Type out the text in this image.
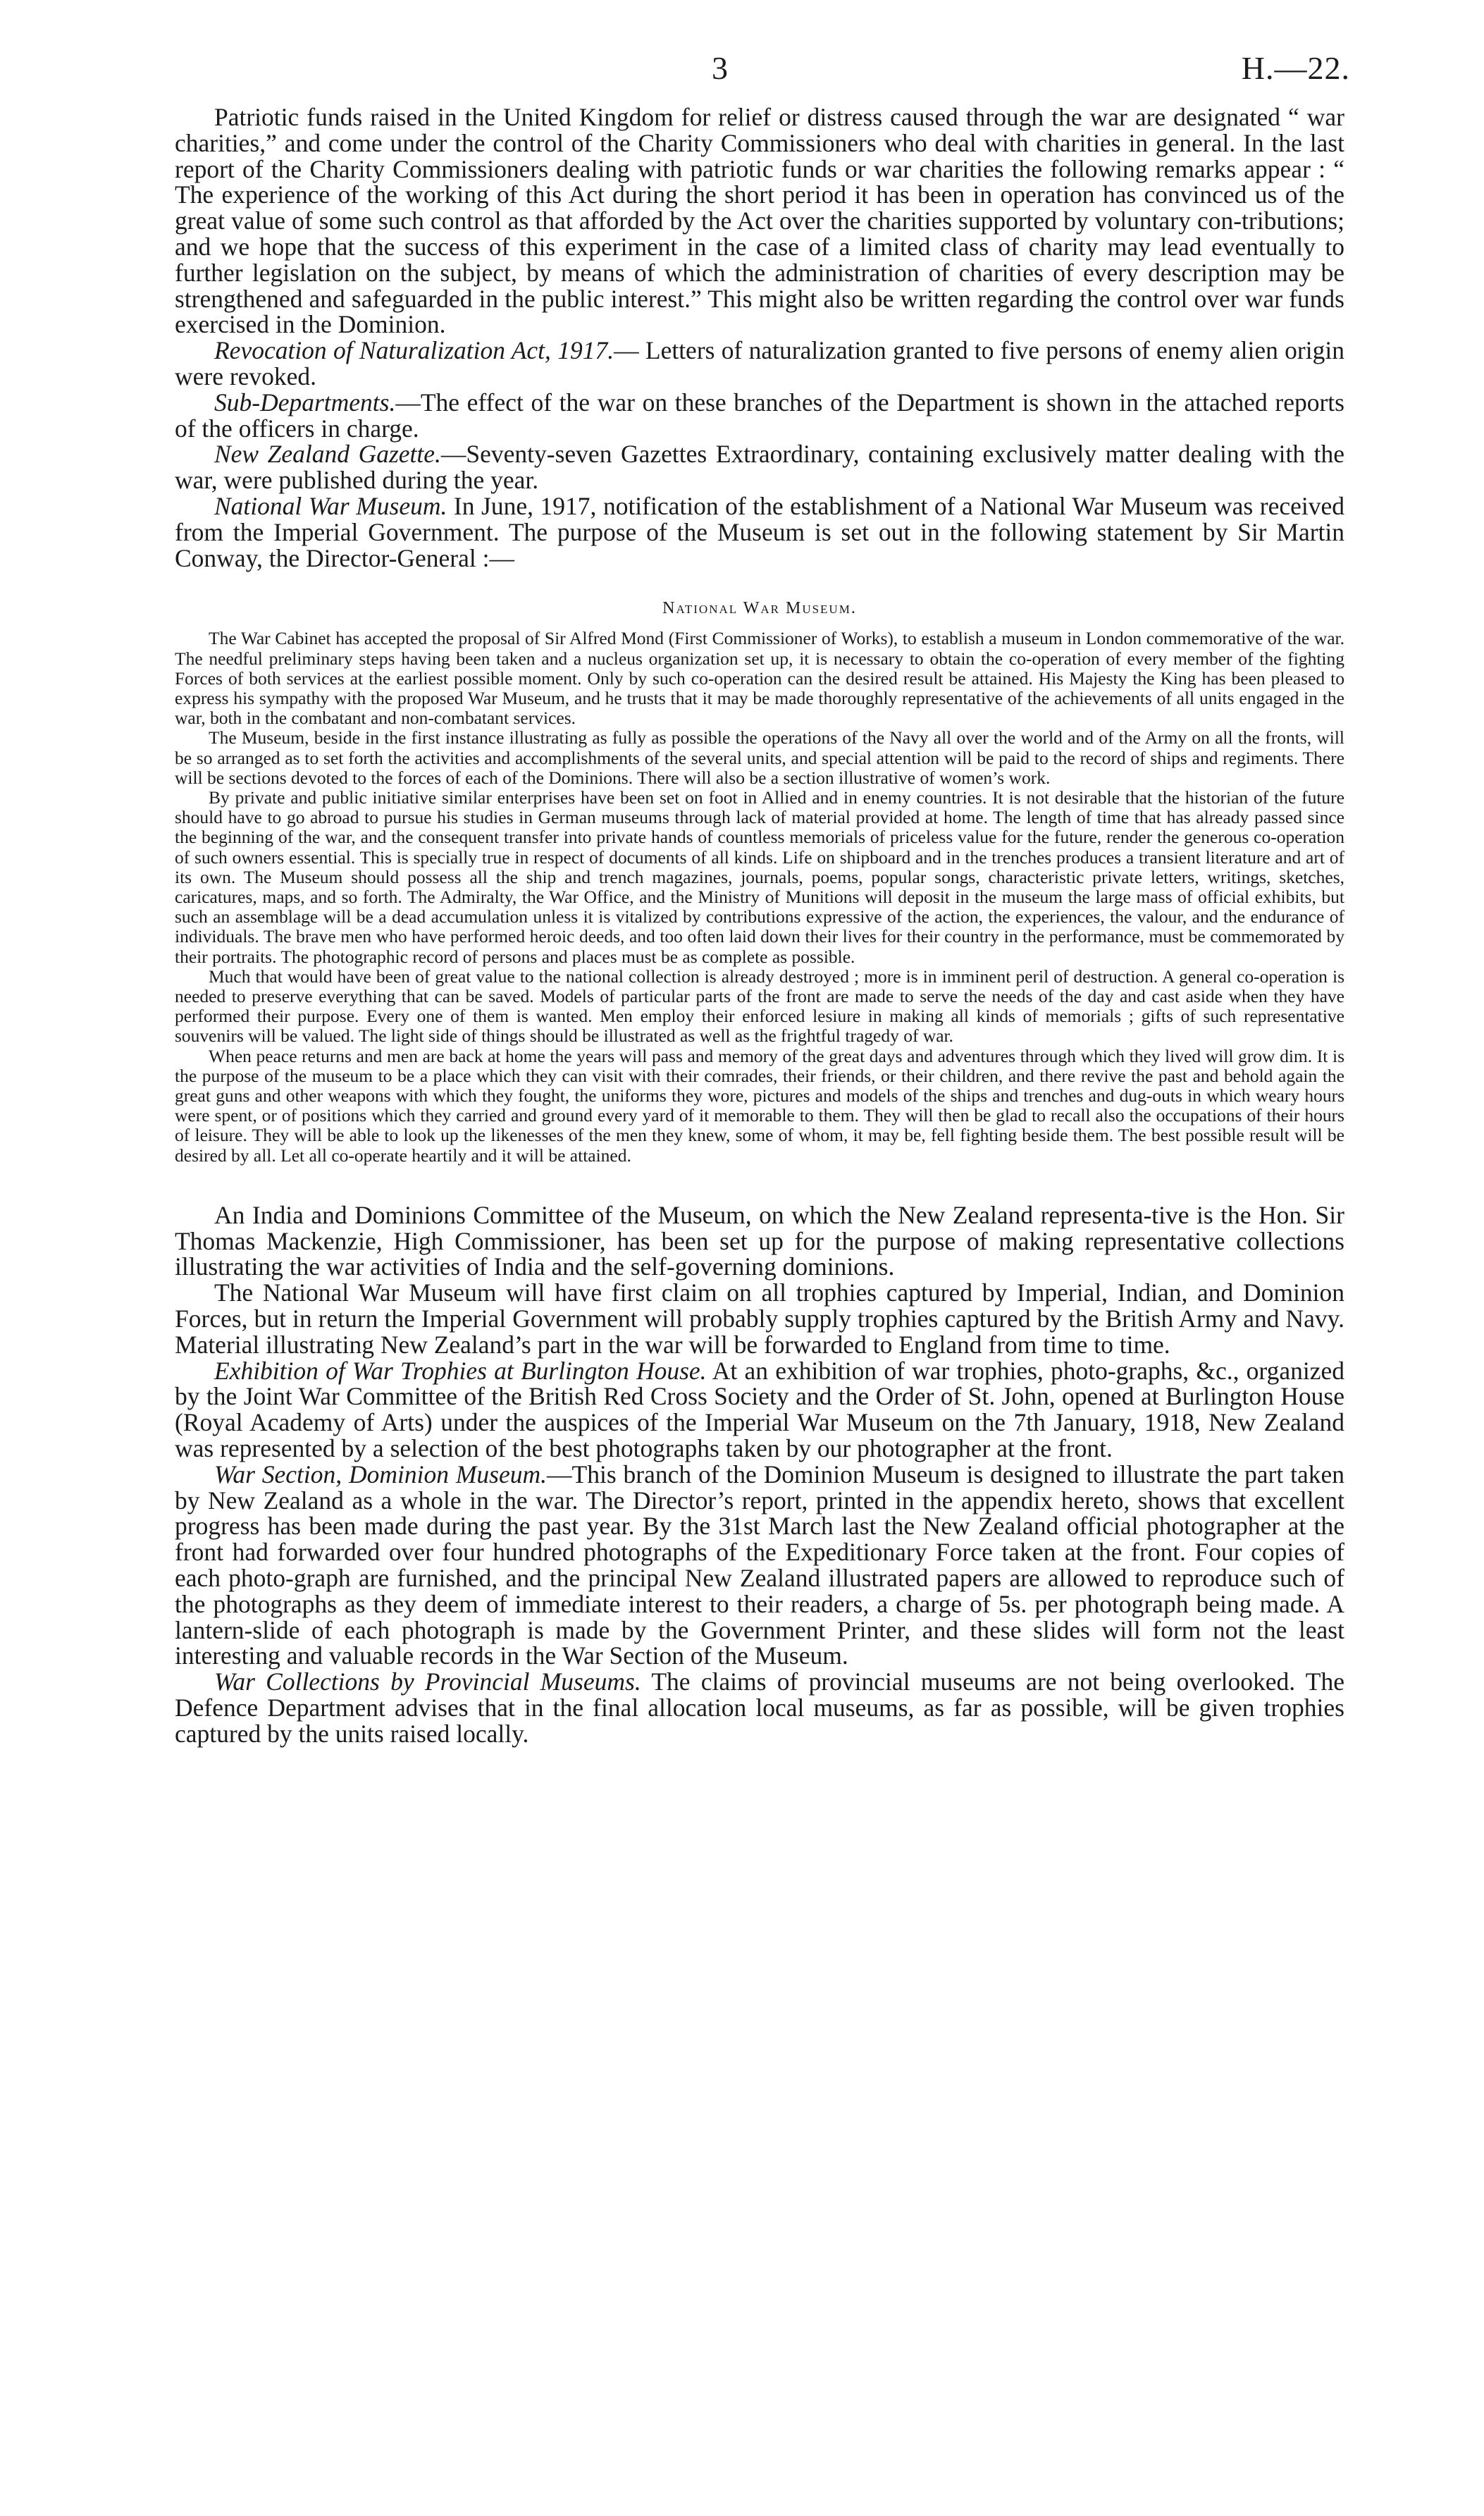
3	H.—22.

Patriotic funds raised in the United Kingdom for relief or distress caused through the war are designated “ war charities,” and come under the control of the Charity Commissioners who deal with charities in general. In the last report of the Charity Commissioners dealing with patriotic funds or war charities the following remarks appear : “ The experience of the working of this Act during the short period it has been in operation has convinced us of the great value of some such control as that afforded by the Act over the charities supported by voluntary con-tributions; and we hope that the success of this experiment in the case of a limited class of charity may lead eventually to further legislation on the subject, by means of which the administration of charities of every description may be strengthened and safeguarded in the public interest.” This might also be written regarding the control over war funds exercised in the Dominion.

Revocation of Naturalization Act, 1917.— Letters of naturalization granted to five persons of enemy alien origin were revoked.

Sub-Departments.—The effect of the war on these branches of the Department is shown in the attached reports of the officers in charge.

New Zealand Gazette.—Seventy-seven Gazettes Extraordinary, containing exclusively matter dealing with the war, were published during the year.

National War Museum. In June, 1917, notification of the establishment of a National War Museum was received from the Imperial Government. The purpose of the Museum is set out in the following statement by Sir Martin Conway, the Director-General :—

National War Museum.

The War Cabinet has accepted the proposal of Sir Alfred Mond (First Commissioner of Works), to establish a museum in London commemorative of the war. The needful preliminary steps having been taken and a nucleus organization set up, it is necessary to obtain the co-operation of every member of the fighting Forces of both services at the earliest possible moment. Only by such co-operation can the desired result be attained. His Majesty the King has been pleased to express his sympathy with the proposed War Museum, and he trusts that it may be made thoroughly representative of the achievements of all units engaged in the war, both in the combatant and non-combatant services.

The Museum, beside in the first instance illustrating as fully as possible the operations of the Navy all over the world and of the Army on all the fronts, will be so arranged as to set forth the activities and accomplishments of the several units, and special attention will be paid to the record of ships and regiments. There will be sections devoted to the forces of each of the Dominions. There will also be a section illustrative of women’s work.

By private and public initiative similar enterprises have been set on foot in Allied and in enemy countries. It is not desirable that the historian of the future should have to go abroad to pursue his studies in German museums through lack of material provided at home. The length of time that has already passed since the beginning of the war, and the consequent transfer into private hands of countless memorials of priceless value for the future, render the generous co-operation of such owners essential. This is specially true in respect of documents of all kinds. Life on shipboard and in the trenches produces a transient literature and art of its own. The Museum should possess all the ship and trench magazines, journals, poems, popular songs, characteristic private letters, writings, sketches, caricatures, maps, and so forth. The Admiralty, the War Office, and the Ministry of Munitions will deposit in the museum the large mass of official exhibits, but such an assemblage will be a dead accumulation unless it is vitalized by contributions expressive of the action, the experiences, the valour, and the endurance of individuals. The brave men who have performed heroic deeds, and too often laid down their lives for their country in the performance, must be commemorated by their portraits. The photographic record of persons and places must be as complete as possible.

Much that would have been of great value to the national collection is already destroyed ; more is in imminent peril of destruction. A general co-operation is needed to preserve everything that can be saved. Models of particular parts of the front are made to serve the needs of the day and cast aside when they have performed their purpose. Every one of them is wanted. Men employ their enforced lesiure in making all kinds of memorials ; gifts of such representative souvenirs will be valued. The light side of things should be illustrated as well as the frightful tragedy of war.

When peace returns and men are back at home the years will pass and memory of the great days and adventures through which they lived will grow dim. It is the purpose of the museum to be a place which they can visit with their comrades, their friends, or their children, and there revive the past and behold again the great guns and other weapons with which they fought, the uniforms they wore, pictures and models of the ships and trenches and dug-outs in which weary hours were spent, or of positions which they carried and ground every yard of it memorable to them. They will then be glad to recall also the occupations of their hours of leisure. They will be able to look up the likenesses of the men they knew, some of whom, it may be, fell fighting beside them. The best possible result will be desired by all. Let all co-operate heartily and it will be attained.

An India and Dominions Committee of the Museum, on which the New Zealand representa-tive is the Hon. Sir Thomas Mackenzie, High Commissioner, has been set up for the purpose of making representative collections illustrating the war activities of India and the self-governing dominions.

The National War Museum will have first claim on all trophies captured by Imperial, Indian, and Dominion Forces, but in return the Imperial Government will probably supply trophies captured by the British Army and Navy. Material illustrating New Zealand’s part in the war will be forwarded to England from time to time.

Exhibition of War Trophies at Burlington House. At an exhibition of war trophies, photo-graphs, &c., organized by the Joint War Committee of the British Red Cross Society and the Order of St. John, opened at Burlington House (Royal Academy of Arts) under the auspices of the Imperial War Museum on the 7th January, 1918, New Zealand was represented by a selection of the best photographs taken by our photographer at the front.

War Section, Dominion Museum.—This branch of the Dominion Museum is designed to illustrate the part taken by New Zealand as a whole in the war. The Director’s report, printed in the appendix hereto, shows that excellent progress has been made during the past year. By the 31st March last the New Zealand official photographer at the front had forwarded over four hundred photographs of the Expeditionary Force taken at the front. Four copies of each photo-graph are furnished, and the principal New Zealand illustrated papers are allowed to reproduce such of the photographs as they deem of immediate interest to their readers, a charge of 5s. per photograph being made. A lantern-slide of each photograph is made by the Government Printer, and these slides will form not the least interesting and valuable records in the War Section of the Museum.

War Collections by Provincial Museums. The claims of provincial museums are not being overlooked. The Defence Department advises that in the final allocation local museums, as far as possible, will be given trophies captured by the units raised locally.
